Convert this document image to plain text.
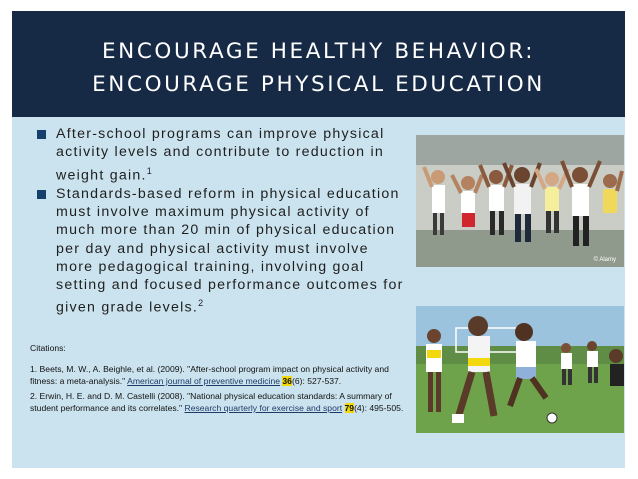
ENCOURAGE HEALTHY BEHAVIOR:
ENCOURAGE PHYSICAL EDUCATION
After-school programs can improve physical activity levels and contribute to reduction in weight gain.$^1$
Standards-based reform in physical education must involve maximum physical activity of much more than 20 min of physical education per day and physical activity must involve more pedagogical training, involving goal setting and focused performance outcomes for given grade levels.$^2$

Citations:

1. Beets, M. W., A. Beighle, et al. (2009). "After-school program impact on physical activity and fitness: a meta-analysis." American journal of preventive medicine 36(6): 527-537.

2. Erwin, H. E. and D. M. Castelli (2008). "National physical education standards: A summary of student performance and its correlates." Research quarterly for exercise and sport 79(4): 495-505.

© Alamy
